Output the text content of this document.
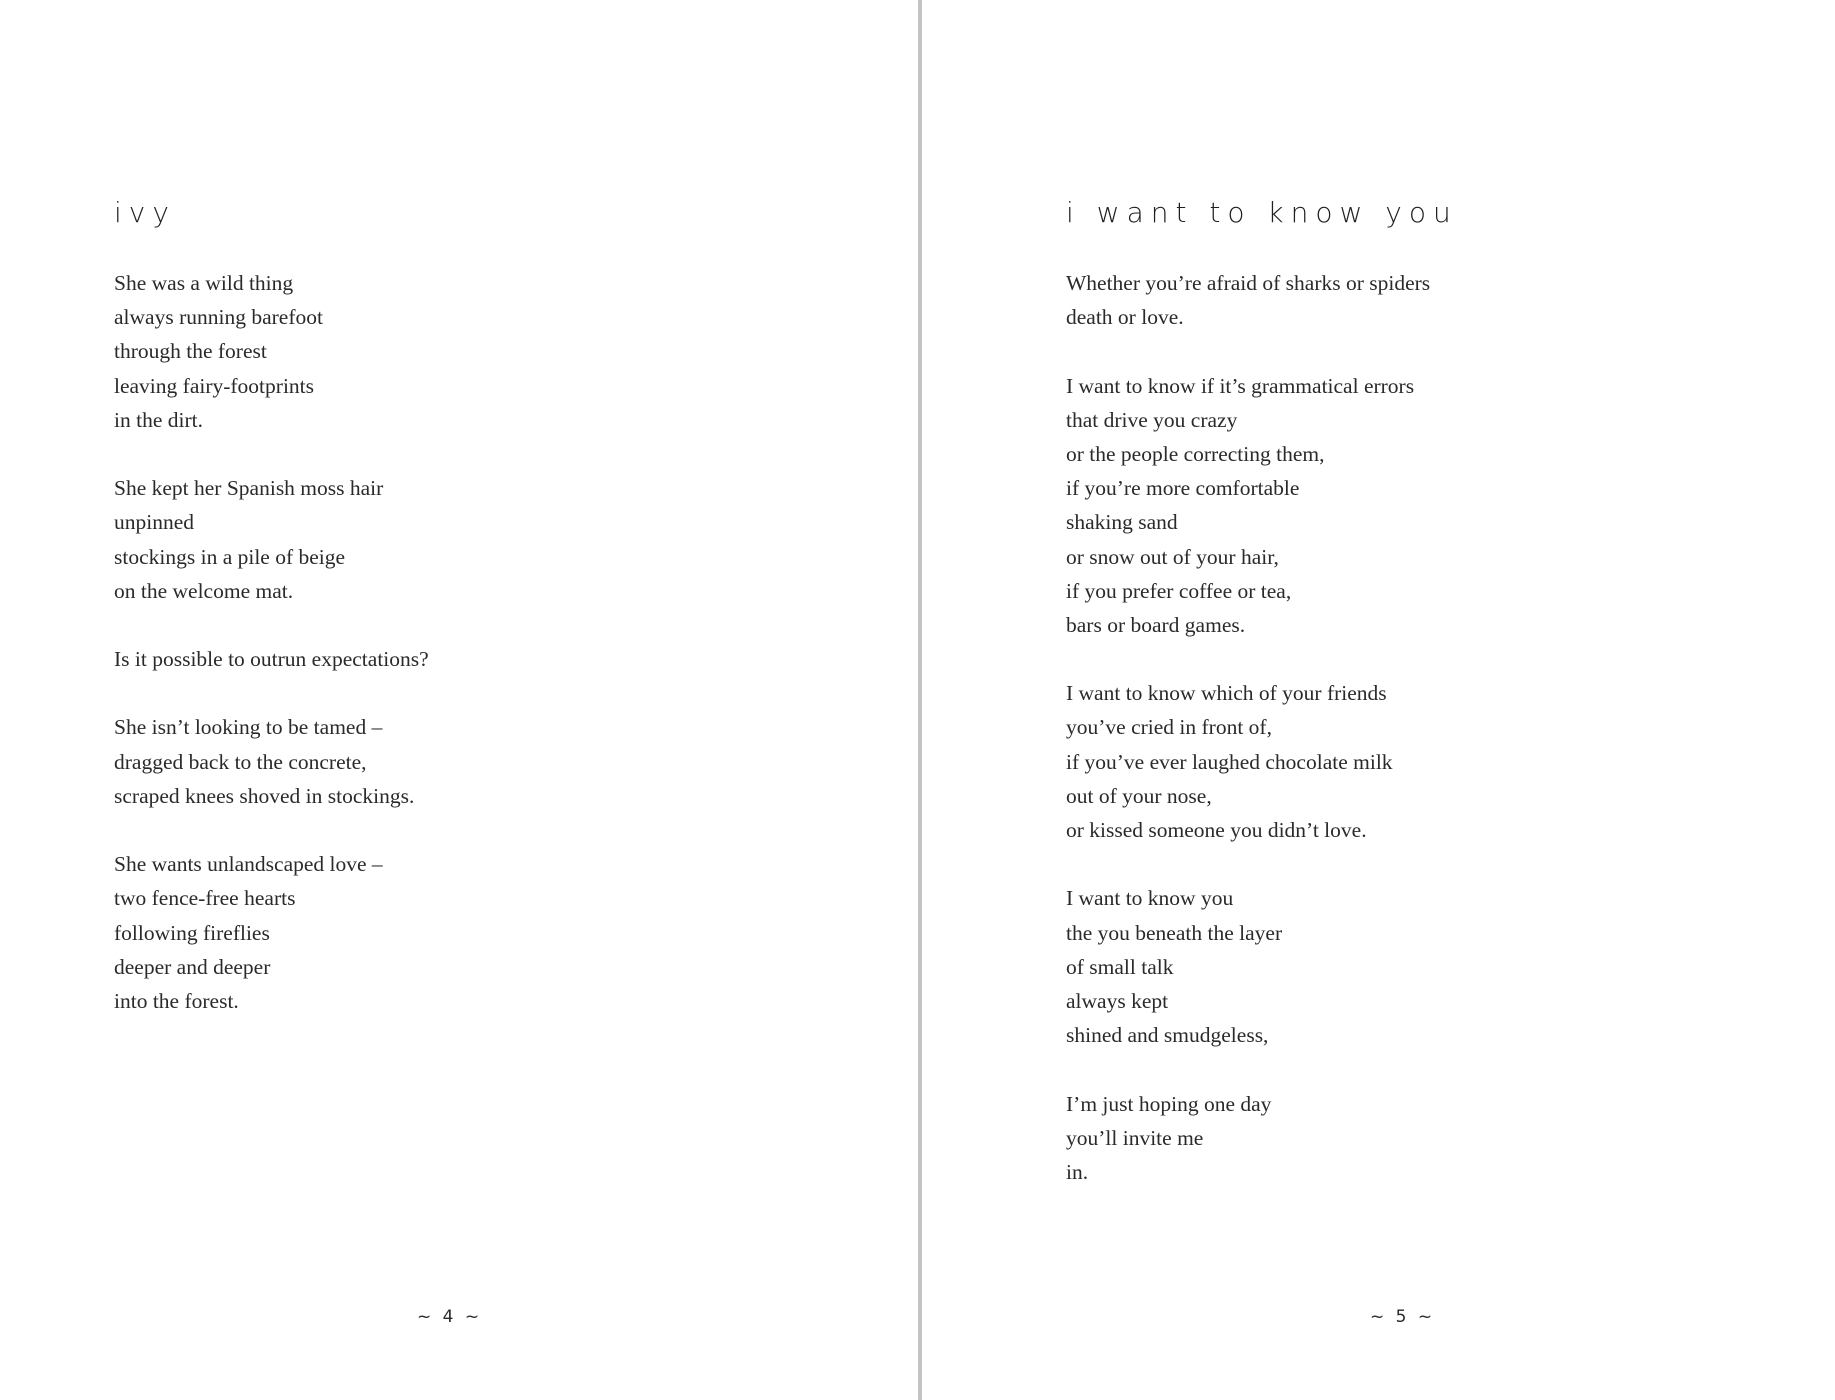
ivy
She was a wild thing
always running barefoot
through the forest
leaving fairy-footprints
in the dirt.
She kept her Spanish moss hair
unpinned
stockings in a pile of beige
on the welcome mat.
Is it possible to outrun expectations?
She isn’t looking to be tamed –
dragged back to the concrete,
scraped knees shoved in stockings.
She wants unlandscaped love –
two fence-free hearts
following fireflies
deeper and deeper
into the forest.

~ 4 ~

i want to know you
Whether you’re afraid of sharks or spiders
death or love.
I want to know if it’s grammatical errors
that drive you crazy
or the people correcting them,
if you’re more comfortable
shaking sand
or snow out of your hair,
if you prefer coffee or tea,
bars or board games.
I want to know which of your friends
you’ve cried in front of,
if you’ve ever laughed chocolate milk
out of your nose,
or kissed someone you didn’t love.
I want to know you
the you beneath the layer
of small talk
always kept
shined and smudgeless,
I’m just hoping one day
you’ll invite me
in.

~ 5 ~
